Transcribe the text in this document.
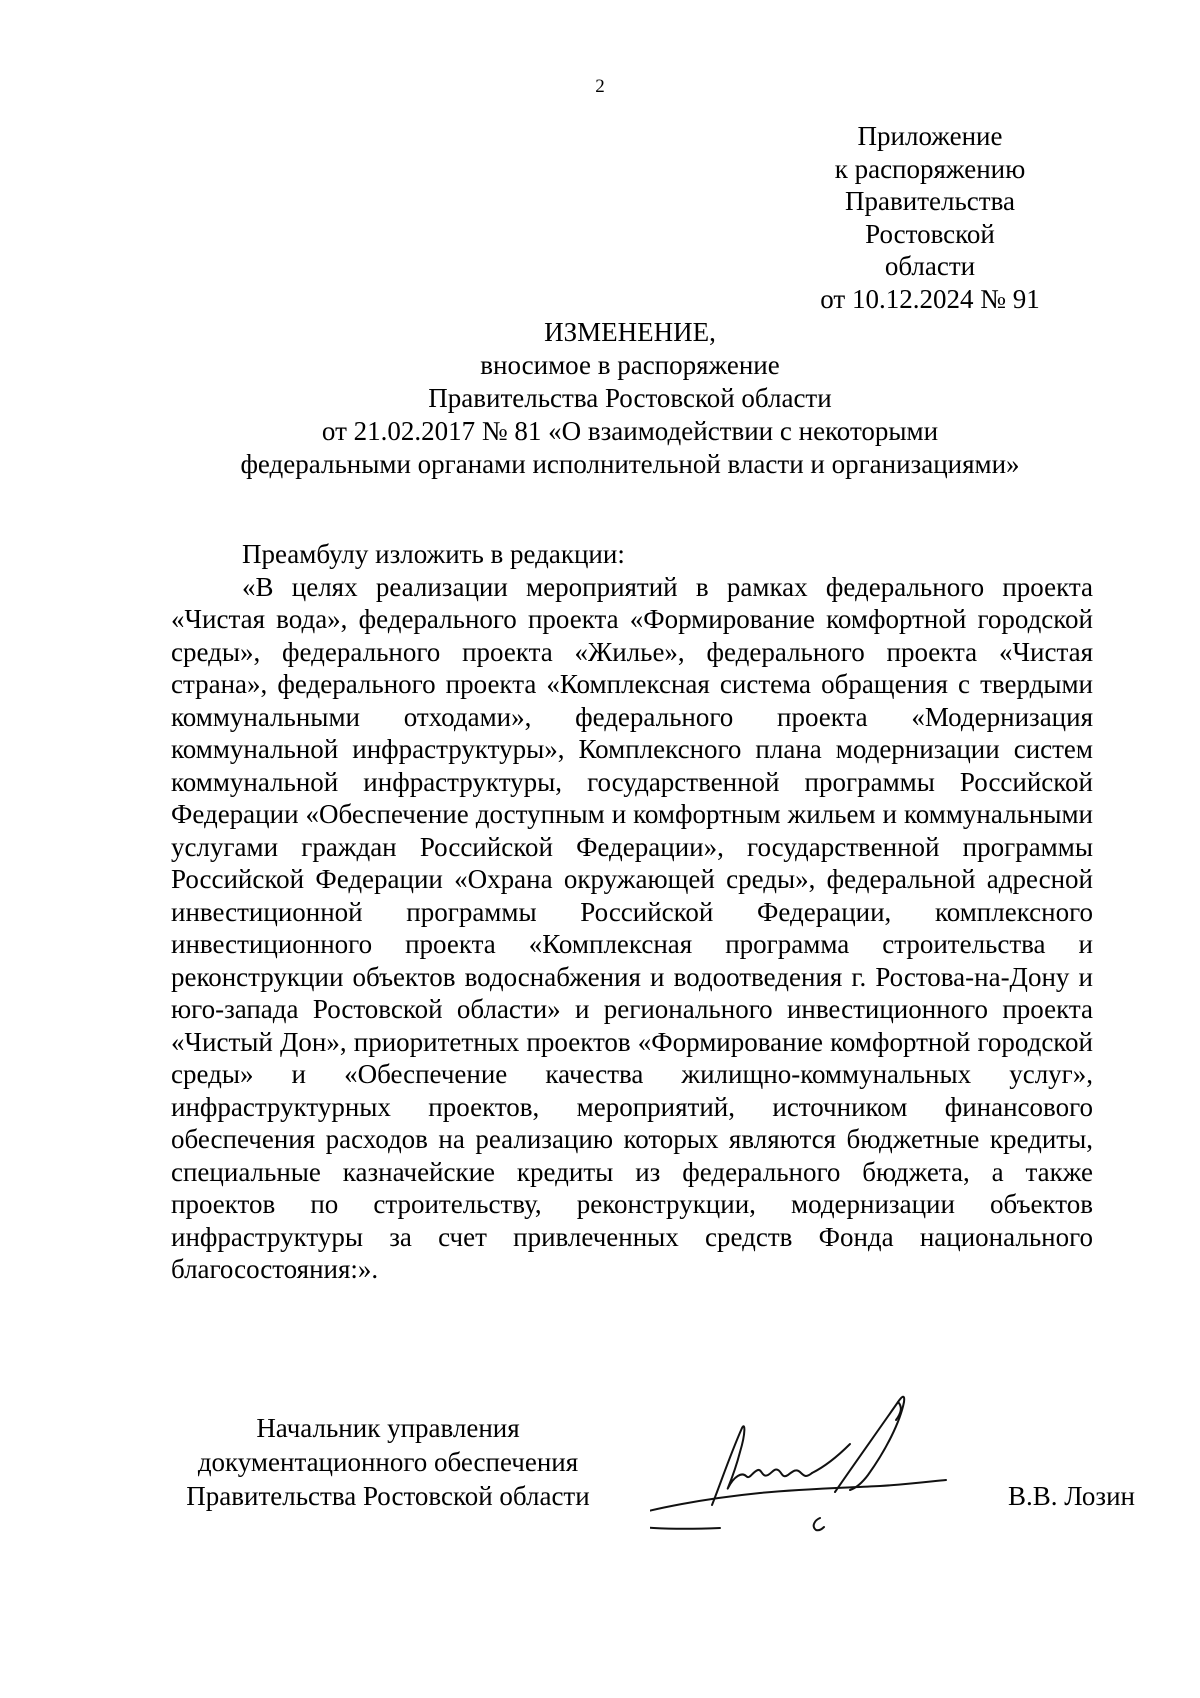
2
Приложение
к распоряжению
Правительства
Ростовской области
от 10.12.2024 № 91
ИЗМЕНЕНИЕ,
вносимое в распоряжение
Правительства Ростовской области
от 21.02.2017 № 81 «О взаимодействии с некоторыми
федеральными органами исполнительной власти и организациями»

Преамбулу изложить в редакции:

«В целях реализации мероприятий в рамках федерального проекта «Чистая вода», федерального проекта «Формирование комфортной городской среды», федерального проекта «Жилье», федерального проекта «Чистая страна», федерального проекта «Комплексная система обращения с твердыми коммунальными отходами», федерального проекта «Модернизация коммунальной инфраструктуры», Комплексного плана модернизации систем коммунальной инфраструктуры, государственной программы Российской Федерации «Обеспечение доступным и комфортным жильем и коммунальными услугами граждан Российской Федерации», государственной программы Российской Федерации «Охрана окружающей среды», федеральной адресной инвестиционной программы Российской Федерации, комплексного инвестиционного проекта «Комплексная программа строительства и реконструкции объектов водоснабжения и водоотведения г. Ростова-на-Дону и юго-запада Ростовской области» и регионального инвестиционного проекта «Чистый Дон», приоритетных проектов «Формирование комфортной городской среды» и «Обеспечение качества жилищно-коммунальных услуг», инфраструктурных проектов, мероприятий, источником финансового обеспечения расходов на реализацию которых являются бюджетные кредиты, специальные казначейские кредиты из федерального бюджета, а также проектов по строительству, реконструкции, модернизации объектов инфраструктуры за счет привлеченных средств Фонда национального благосостояния:».

Начальник управления
документационного обеспечения
Правительства Ростовской области	В.В. Лозин
